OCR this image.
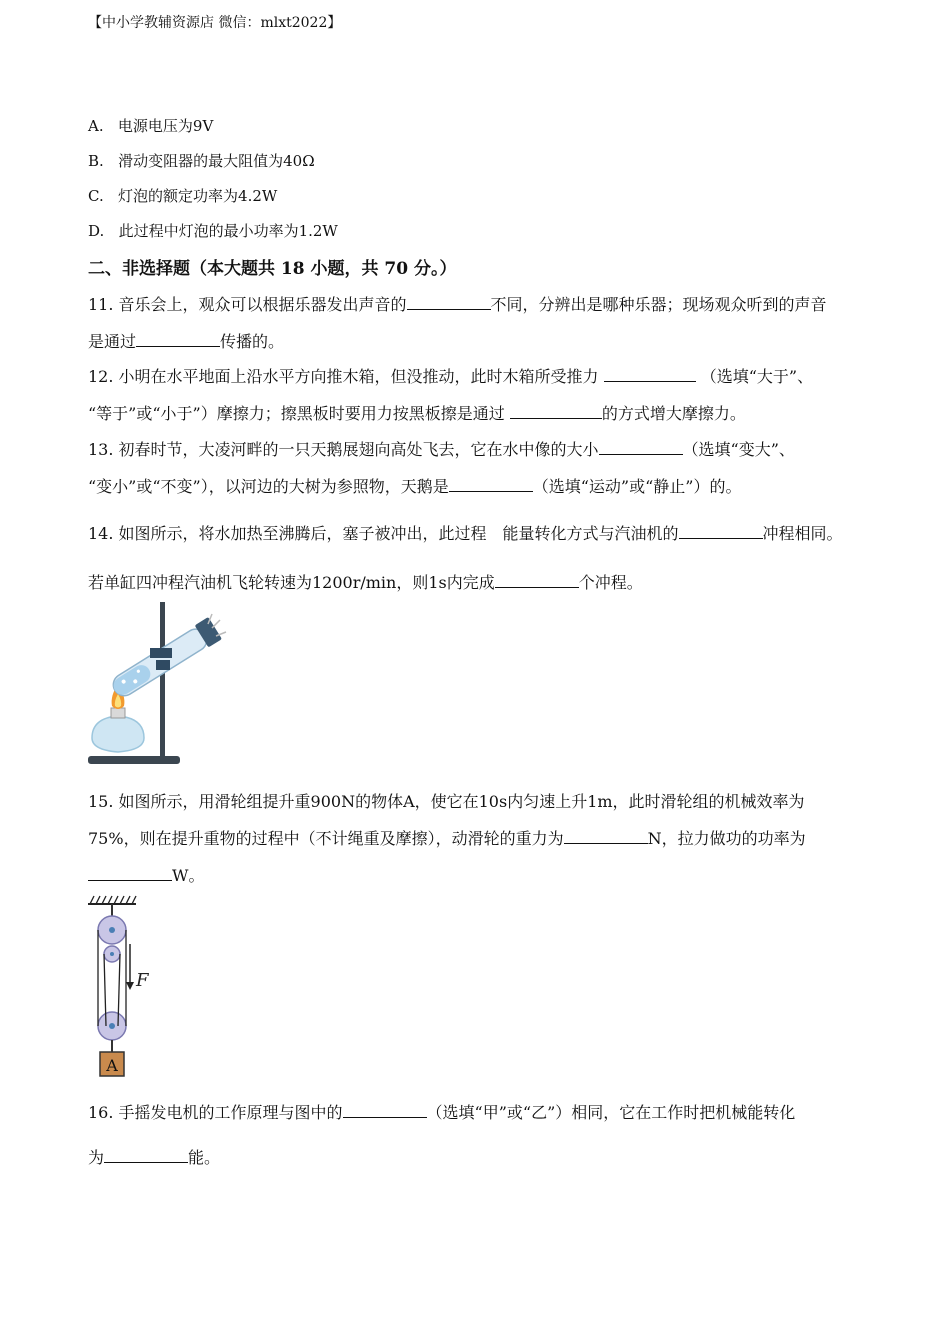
【中小学教辅资源店 微信：mlxt2022】
A. 电源电压为9V
B. 滑动变阻器的最大阻值为40Ω
C. 灯泡的额定功率为4.2W
D. 此过程中灯泡的最小功率为1.2W
二、非选择题（本大题共 18 小题，共 70 分。）
11. 音乐会上，观众可以根据乐器发出声音的	不同，分辨出是哪种乐器；现场观众听到的声音
是通过	传播的。
12. 小明在水平地面上沿水平方向推木箱，但没推动，此时木箱所受推力	（选填“大于”、
“等于”或“小于”）摩擦力；擦黑板时要用力按黑板擦是通过	的方式增大摩擦力。
13. 初春时节，大凌河畔的一只天鹅展翅向高处飞去，它在水中像的大小	（选填“变大”、
“变小”或“不变”），以河边的大树为参照物，天鹅是	（选填“运动”或“静止”）的。
14. 如图所示，将水加热至沸腾后，塞子被冲出，此过程　能量转化方式与汽油机的	冲程相同。
若单缸四冲程汽油机飞轮转速为1200r/min，则1s内完成	个冲程。
15. 如图所示，用滑轮组提升重900N的物体A，使它在10s内匀速上升1m，此时滑轮组的机械效率为
75%，则在提升重物的过程中（不计绳重及摩擦），动滑轮的重力为	N，拉力做功的功率为
W。
F
A
16. 手摇发电机的工作原理与图中的	（选填“甲”或“乙”）相同，它在工作时把机械能转化
为	能。
